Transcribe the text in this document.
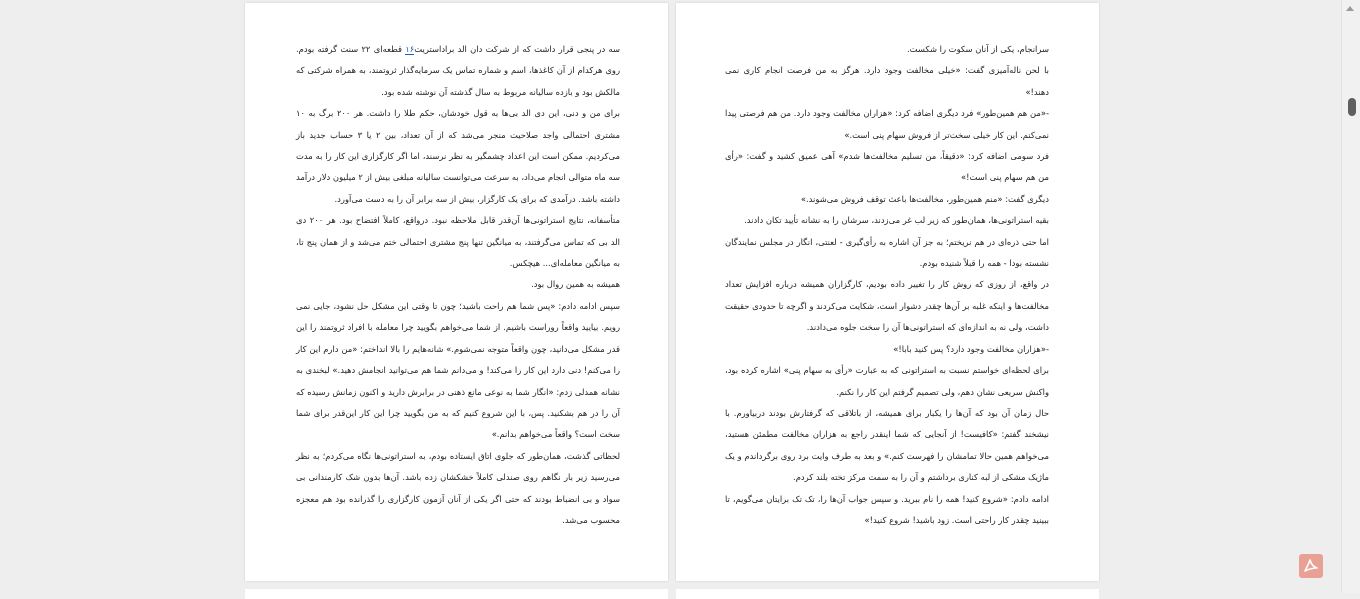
سه در پنجی قرار داشت که از شرکت دان الد براداستریت۱۶ قطعه‌ای ۲۲ سنت گرفته بودم. روی هرکدام از آن کاغذها، اسم و شماره تماس یک سرمایه‌گذار ثروتمند، به همراه شرکتی که مالکش بود و بازده سالیانه مربوط به سال گذشته آن نوشته شده بود.

برای من و دنی، این دی الد بی‌ها به قول خودشان، حکم طلا را داشت. هر ۲۰۰ برگ به ۱۰ مشتری احتمالی واجد صلاحیت منجر می‌شد که از آن تعداد، بین ۲ یا ۳ حساب جدید باز می‌کردیم. ممکن است این اعداد چشمگیر به نظر نرسند، اما اگر کارگزاری این کار را به مدت سه ماه متوالی انجام می‌داد، به سرعت می‌توانست سالیانه مبلغی بیش از ۲ میلیون دلار درآمد داشته باشد. درآمدی که برای یک کارگزار، بیش از سه برابر آن را به دست می‌آورد.

متأسفانه، نتایج استراتونی‌ها آن‌قدر قابل ملاحظه نبود. درواقع، کاملاً افتضاح بود. هر ۲۰۰ دی الد بی که تماس می‌گرفتند، به میانگین تنها پنج مشتری احتمالی ختم می‌شد و از همان پنج تا، به میانگین معامله‌ای... هیچکس.

همیشه به همین روال بود.

سپس ادامه دادم: «پس شما هم راحت باشید؛ چون تا وقتی این مشکل حل نشود، جایی نمی رویم. بیایید واقعاً روراست باشیم. از شما می‌خواهم بگویید چرا معامله با افراد ثروتمند را این قدر مشکل می‌دانید، چون واقعاً متوجه نمی‌شوم.» شانه‌هایم را بالا انداختم: «من دارم این کار را می‌کنم! دنی دارد این کار را می‌کند! و می‌دانم شما هم می‌توانید انجامش دهید.» لبخندی به نشانه همدلی زدم: «انگار شما به نوعی مانع ذهنی در برابرش دارید و اکنون زمانش رسیده که آن را در هم بشکنید. پس، با این شروع کنیم که به من بگویید چرا این کار این‌قدر برای شما سخت است؟ واقعاً می‌خواهم بدانم.»

لحظاتی گذشت، همان‌طور که جلوی اتاق ایستاده بودم، به استراتونی‌ها نگاه می‌کردم؛ به نظر می‌رسید زیر بار نگاهم روی صندلی کاملاً خشکشان زده باشد. آن‌ها بدون شک کارمندانی بی سواد و بی انضباط بودند که حتی اگر یکی از آنان آزمون کارگزاری را گذرانده بود هم معجزه محسوب می‌شد.

سرانجام، یکی از آنان سکوت را شکست.

با لحن ناله‌آمیزی گفت: «خیلی مخالفت وجود دارد. هرگز به من فرصت انجام کاری نمی دهند!»

-«من هم همین‌طور» فرد دیگری اضافه کرد: «هزاران مخالفت وجود دارد. من هم فرصتی پیدا نمی‌کنم. این کار خیلی سخت‌تر از فروش سهام پنی است.»

فرد سومی اضافه کرد: «دقیقاً، من تسلیم مخالفت‌ها شدم» آهی عمیق کشید و گفت: «رأی من هم سهام پنی است!»

دیگری گفت: «منم همین‌طور، مخالفت‌ها باعث توقف فروش می‌شوند.»

بقیه استراتونی‌ها، همان‌طور که زیر لب غر می‌زدند، سرشان را به نشانه تأیید تکان دادند.

اما حتی ذره‌ای در هم نریختم؛ به جز آن اشاره به رأی‌گیری - لعنتی، انگار در مجلس نمایندگان نشسته بودا - همه را قبلاً شنیده بودم.

در واقع، از روزی که روش کار را تغییر داده بودیم، کارگزاران همیشه درباره افزایش تعداد مخالفت‌ها و اینکه غلبه بر آن‌ها چقدر دشوار است، شکایت می‌کردند و اگرچه تا حدودی حقیقت داشت، ولی نه به اندازه‌ای که استراتونی‌ها آن را سخت جلوه می‌دادند.

-«هزاران مخالفت وجود دارد؟ پس کنید بابا!»

برای لحظه‌ای خواستم نسبت به استراتونی که به عبارت «رأی به سهام پنی» اشاره کرده بود، واکنش سریعی نشان دهم، ولی تصمیم گرفتم این کار را نکنم.

حال زمان آن بود که آن‌ها را یکبار برای همیشه، از باتلاقی که گرفتارش بودند دربیاورم. با نیشخند گفتم: «کافیست! از آنجایی که شما اینقدر راجع به هزاران مخالفت مطمئن هستید، می‌خواهم همین حالا تمامشان را فهرست کنم.» و بعد به طرف وایت برد روی برگرداندم و یک ماژیک مشکی از لبه کناری برداشتم و آن را به سمت مرکز تخته بلند کردم.

ادامه دادم: «شروع کنید! همه را نام ببرید. و سپس جواب آن‌ها را، تک تک برایتان می‌گویم، تا ببینید چقدر کار راحتی است. زود باشید! شروع کنید!»
